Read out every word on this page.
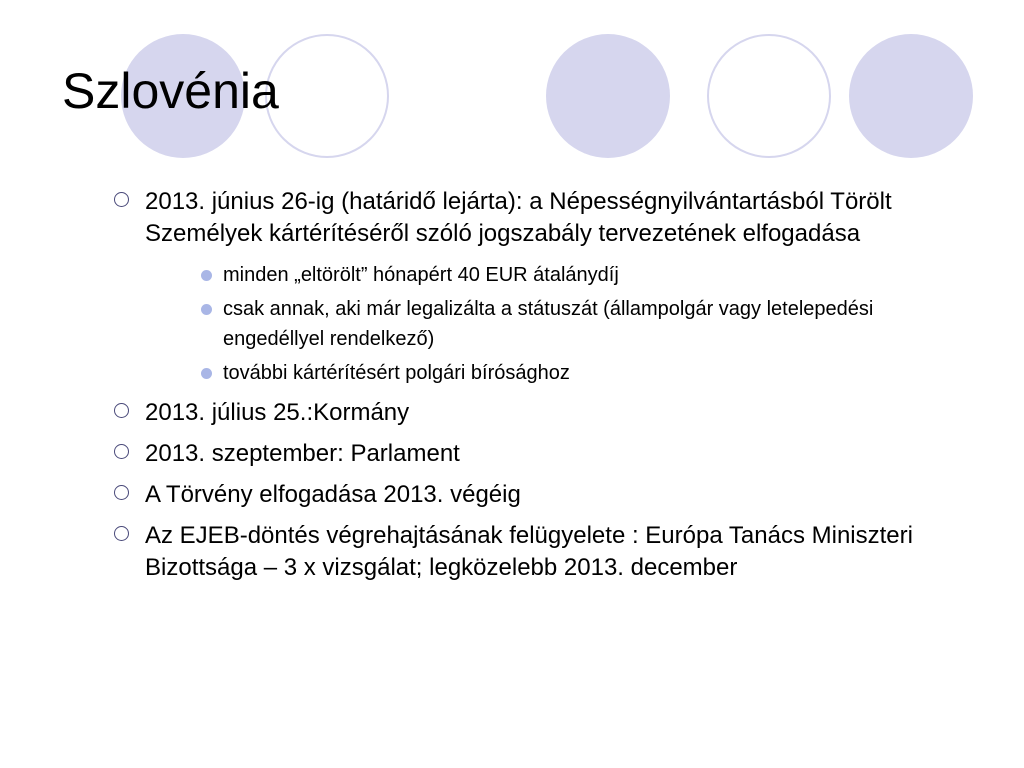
Szlovénia
2013. június 26-ig (határidő lejárta): a Népességnyilvántartásból Törölt Személyek kártérítéséről szóló jogszabály tervezetének elfogadása
minden „eltörölt” hónapért 40 EUR átalánydíj
csak annak, aki már legalizálta a státuszát (állampolgár vagy letelepedési engedéllyel rendelkező)
további kártérítésért polgári bírósághoz
2013. július 25.:Kormány
2013. szeptember: Parlament
A Törvény elfogadása 2013. végéig
Az EJEB-döntés végrehajtásának felügyelete : Európa Tanács Miniszteri Bizottsága – 3 x vizsgálat; legközelebb 2013. december
